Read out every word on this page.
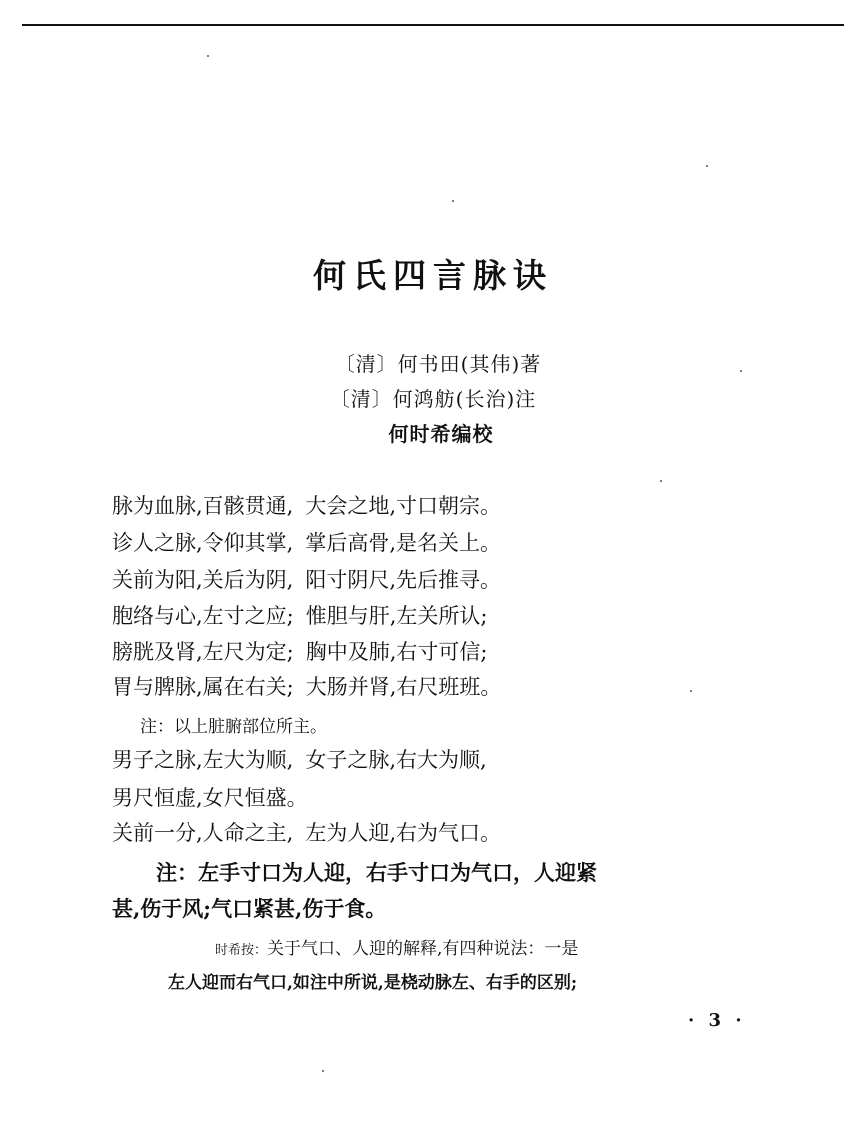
何氏四言脉诀
〔清〕何书田(其伟)著
〔清〕何鸿舫(长治)注
何时希编校
脉为血脉,百骸贯通, 大会之地,寸口朝宗。
诊人之脉,令仰其掌, 掌后高骨,是名关上。
关前为阳,关后为阴, 阳寸阴尺,先后推寻。
胞络与心,左寸之应; 惟胆与肝,左关所认;
膀胱及肾,左尺为定; 胸中及肺,右寸可信;
胃与脾脉,属在右关; 大肠并肾,右尺班班。
注：以上脏腑部位所主。
男子之脉,左大为顺, 女子之脉,右大为顺,
男尺恒虚,女尺恒盛。
关前一分,人命之主, 左为人迎,右为气口。
注：左手寸口为人迎，右手寸口为气口，人迎紧
甚,伤于风;气口紧甚,伤于食。
时希按：关于气口、人迎的解释,有四种说法：一是
左人迎而右气口,如注中所说,是桡动脉左、右手的区别;
· 3 ·
